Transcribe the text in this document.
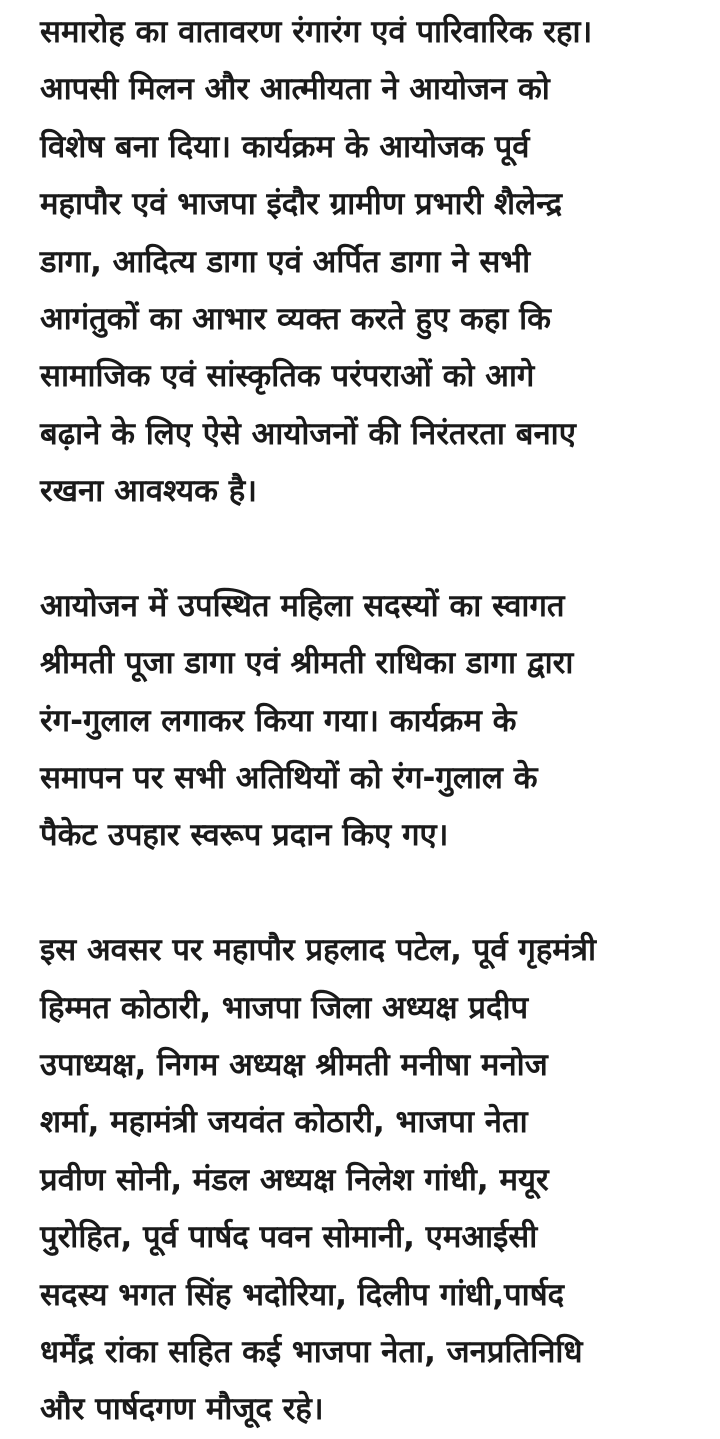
समारोह का वातावरण रंगारंग एवं पारिवारिक रहा।
आपसी मिलन और आत्मीयता ने आयोजन को
विशेष बना दिया। कार्यक्रम के आयोजक पूर्व
महापौर एवं भाजपा इंदौर ग्रामीण प्रभारी शैलेन्द्र
डागा, आदित्य डागा एवं अर्पित डागा ने सभी
आगंतुकों का आभार व्यक्त करते हुए कहा कि
सामाजिक एवं सांस्कृतिक परंपराओं को आगे
बढ़ाने के लिए ऐसे आयोजनों की निरंतरता बनाए
रखना आवश्यक है।

आयोजन में उपस्थित महिला सदस्यों का स्वागत
श्रीमती पूजा डागा एवं श्रीमती राधिका डागा द्वारा
रंग-गुलाल लगाकर किया गया। कार्यक्रम के
समापन पर सभी अतिथियों को रंग-गुलाल के
पैकेट उपहार स्वरूप प्रदान किए गए।

इस अवसर पर महापौर प्रहलाद पटेल, पूर्व गृहमंत्री
हिम्मत कोठारी, भाजपा जिला अध्यक्ष प्रदीप
उपाध्यक्ष, निगम अध्यक्ष श्रीमती मनीषा मनोज
शर्मा, महामंत्री जयवंत कोठारी, भाजपा नेता
प्रवीण सोनी, मंडल अध्यक्ष निलेश गांधी, मयूर
पुरोहित, पूर्व पार्षद पवन सोमानी, एमआईसी
सदस्य भगत सिंह भदोरिया, दिलीप गांधी,पार्षद
धर्मेंद्र रांका सहित कई भाजपा नेता, जनप्रतिनिधि
और पार्षदगण मौजूद रहे।
